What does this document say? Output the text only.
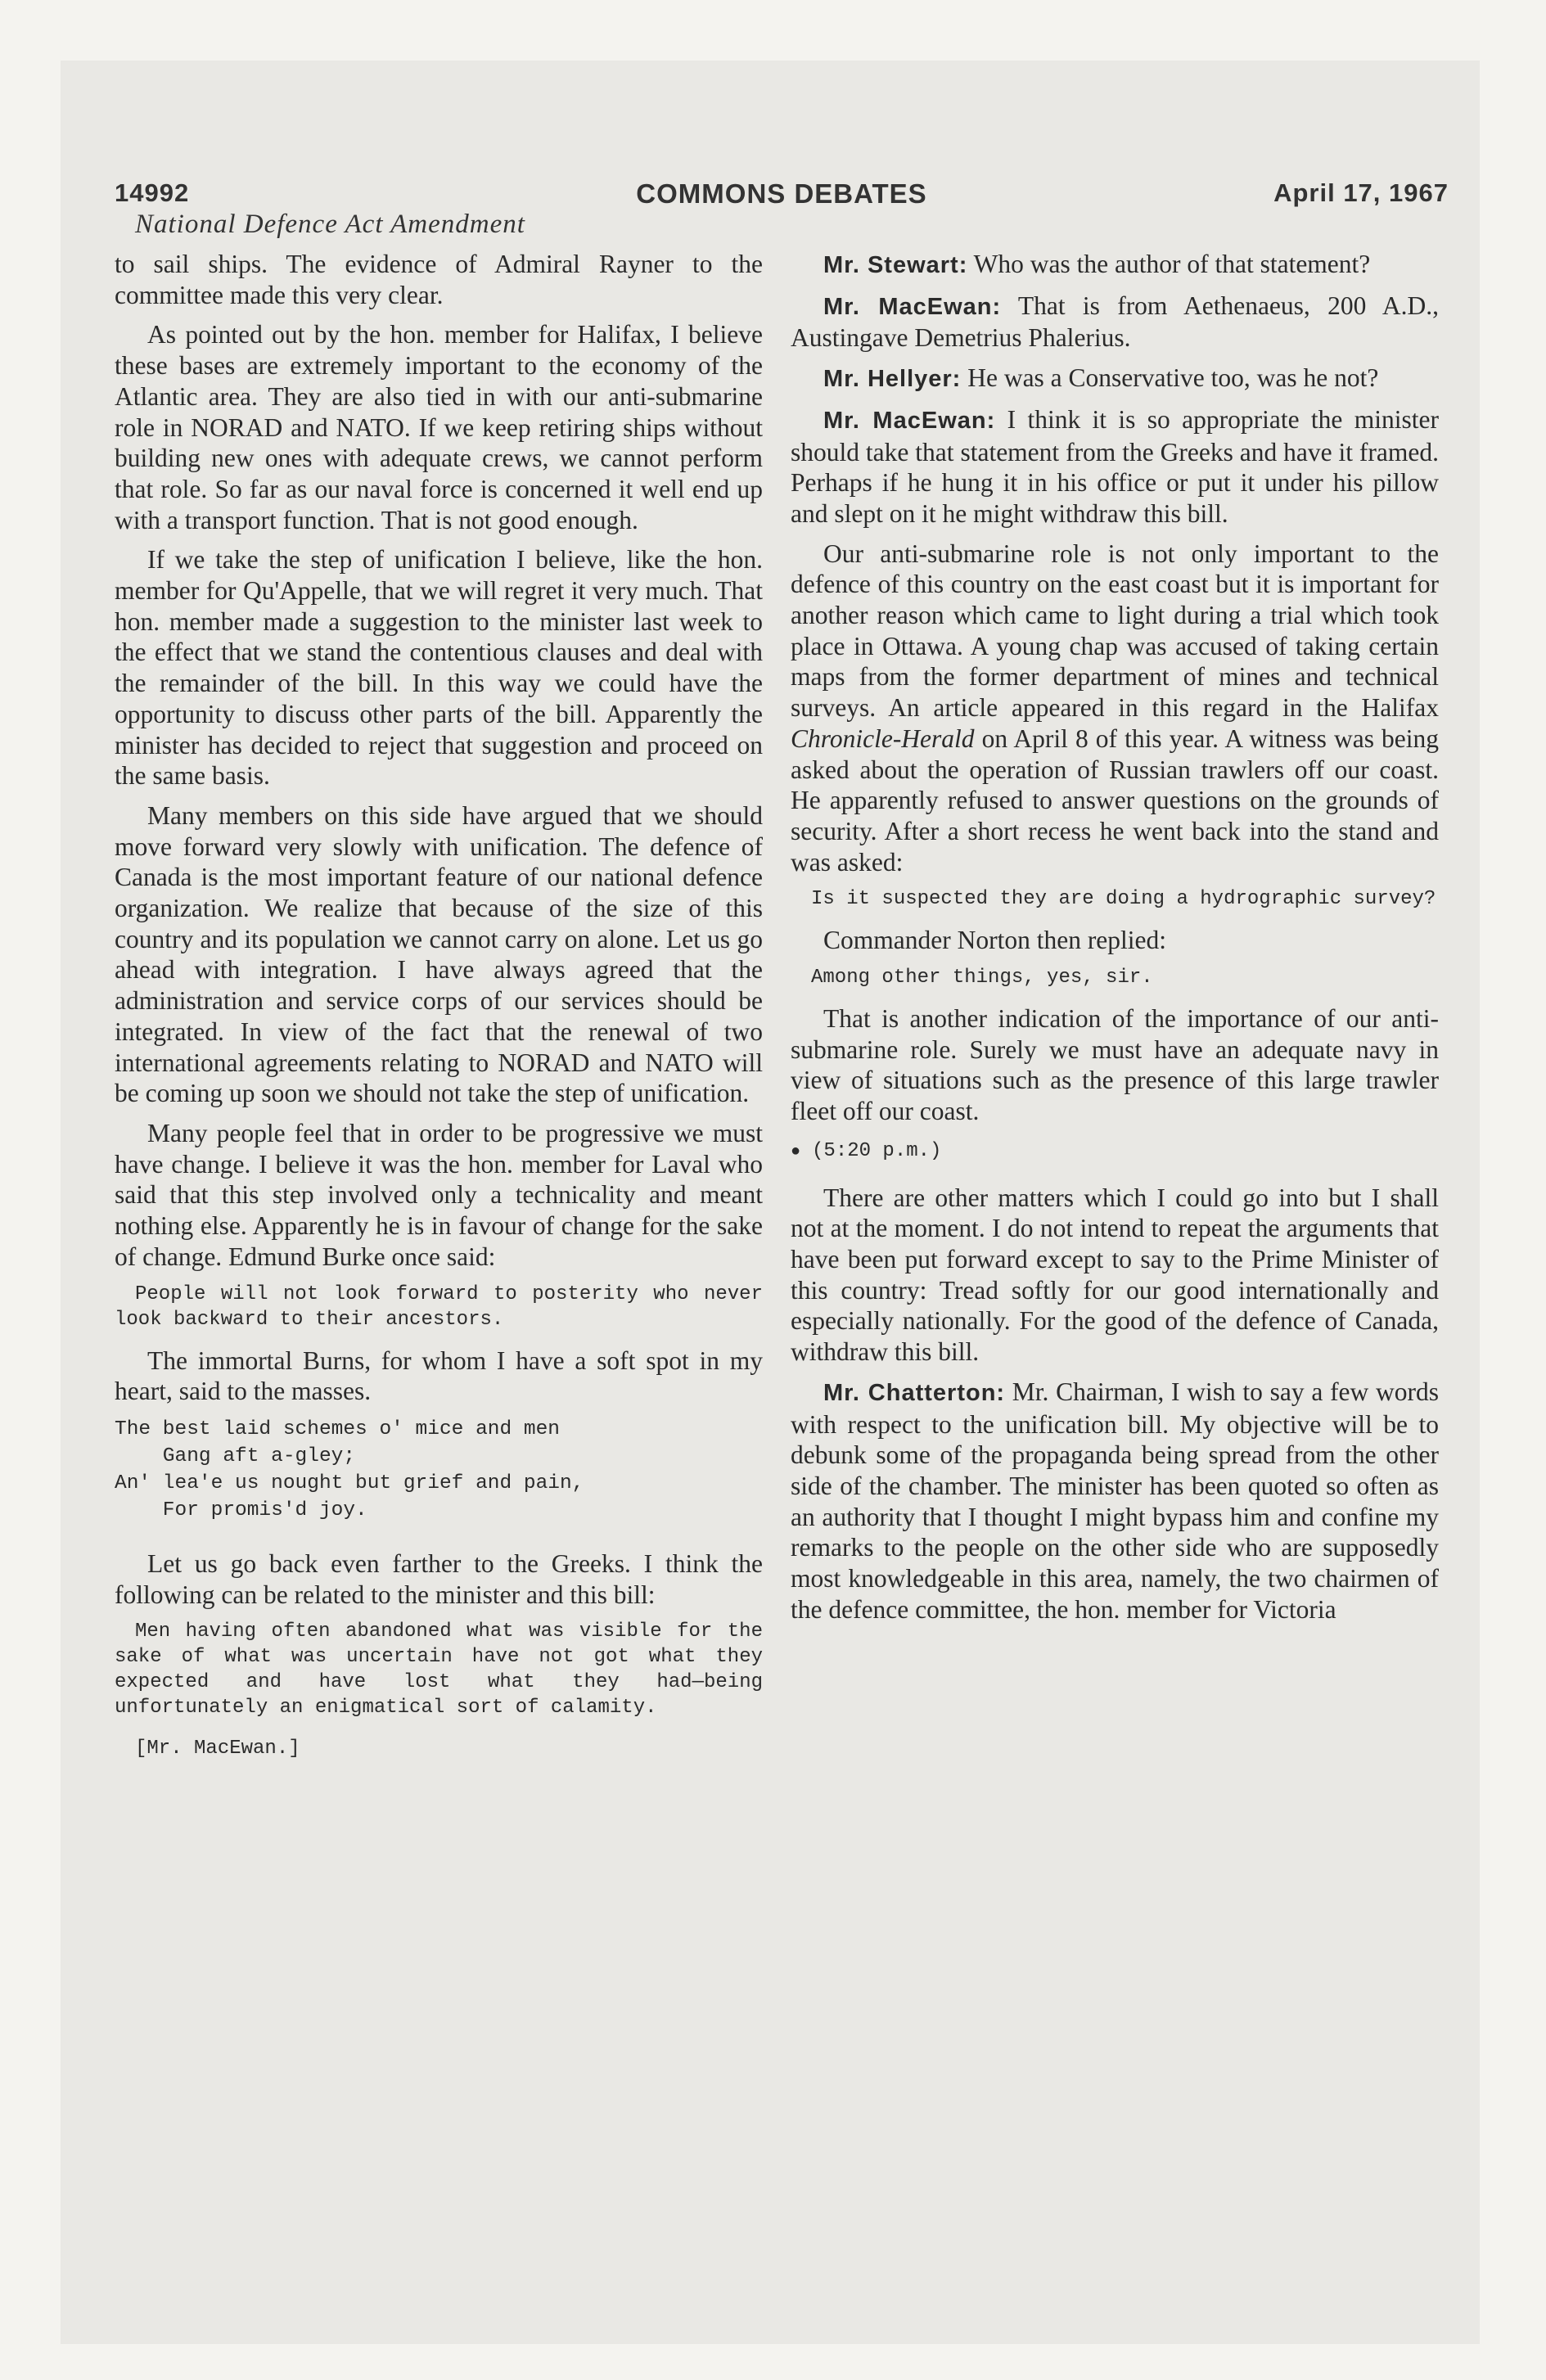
14992	COMMONS DEBATES	April 17, 1967
National Defence Act Amendment

to sail ships. The evidence of Admiral Rayner to the committee made this very clear.

As pointed out by the hon. member for Halifax, I believe these bases are extremely important to the economy of the Atlantic area. They are also tied in with our anti-submarine role in NORAD and NATO. If we keep retiring ships without building new ones with adequate crews, we cannot perform that role. So far as our naval force is concerned it well end up with a transport function. That is not good enough.

If we take the step of unification I believe, like the hon. member for Qu'Appelle, that we will regret it very much. That hon. member made a suggestion to the minister last week to the effect that we stand the contentious clauses and deal with the remainder of the bill. In this way we could have the opportunity to discuss other parts of the bill. Apparently the minister has decided to reject that suggestion and proceed on the same basis.

Many members on this side have argued that we should move forward very slowly with unification. The defence of Canada is the most important feature of our national defence organization. We realize that because of the size of this country and its population we cannot carry on alone. Let us go ahead with integration. I have always agreed that the administration and service corps of our services should be integrated. In view of the fact that the renewal of two international agreements relating to NORAD and NATO will be coming up soon we should not take the step of unification.

Many people feel that in order to be progressive we must have change. I believe it was the hon. member for Laval who said that this step involved only a technicality and meant nothing else. Apparently he is in favour of change for the sake of change. Edmund Burke once said:

People will not look forward to posterity who never look backward to their ancestors.

The immortal Burns, for whom I have a soft spot in my heart, said to the masses.

The best laid schemes o' mice and men
Gang aft a-gley;
An' lea'e us nought but grief and pain,
For promis'd joy.

Let us go back even farther to the Greeks. I think the following can be related to the minister and this bill:

Men having often abandoned what was visible for the sake of what was uncertain have not got what they expected and have lost what they had—being unfortunately an enigmatical sort of calamity.
[Mr. MacEwan.]

Mr. Stewart: Who was the author of that statement?

Mr. MacEwan: That is from Aethenaeus, 200 A.D., Austingave Demetrius Phalerius.

Mr. Hellyer: He was a Conservative too, was he not?

Mr. MacEwan: I think it is so appropriate the minister should take that statement from the Greeks and have it framed. Perhaps if he hung it in his office or put it under his pillow and slept on it he might withdraw this bill.

Our anti-submarine role is not only important to the defence of this country on the east coast but it is important for another reason which came to light during a trial which took place in Ottawa. A young chap was accused of taking certain maps from the former department of mines and technical surveys. An article appeared in this regard in the Halifax Chronicle-Herald on April 8 of this year. A witness was being asked about the operation of Russian trawlers off our coast. He apparently refused to answer questions on the grounds of security. After a short recess he went back into the stand and was asked:

Is it suspected they are doing a hydrographic survey?

Commander Norton then replied:

Among other things, yes, sir.

That is another indication of the importance of our anti-submarine role. Surely we must have an adequate navy in view of situations such as the presence of this large trawler fleet off our coast.

● (5:20 p.m.)

There are other matters which I could go into but I shall not at the moment. I do not intend to repeat the arguments that have been put forward except to say to the Prime Minister of this country: Tread softly for our good internationally and especially nationally. For the good of the defence of Canada, withdraw this bill.

Mr. Chatterton: Mr. Chairman, I wish to say a few words with respect to the unification bill. My objective will be to debunk some of the propaganda being spread from the other side of the chamber. The minister has been quoted so often as an authority that I thought I might bypass him and confine my remarks to the people on the other side who are supposedly most knowledgeable in this area, namely, the two chairmen of the defence committee, the hon. member for Victoria
